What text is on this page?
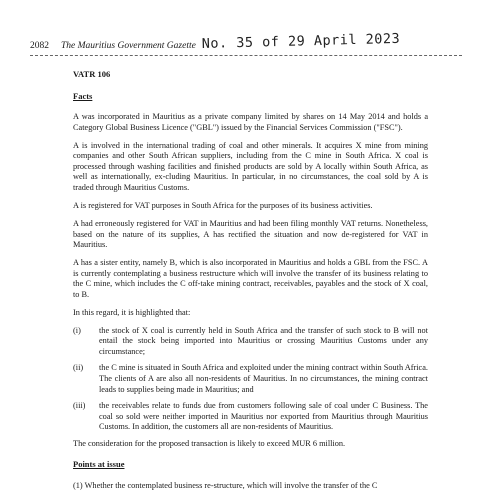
2082 The Mauritius Government Gazette No. 35 of 29 April 2023
VATR 106
Facts

A was incorporated in Mauritius as a private company limited by shares on 14 May 2014 and holds a Category Global Business Licence ("GBL") issued by the Financial Services Commission ("FSC").

A is involved in the international trading of coal and other minerals. It acquires X mine from mining companies and other South African suppliers, including from the C mine in South Africa. X coal is processed through washing facilities and finished products are sold by A locally within South Africa, as well as internationally, ex-cluding Mauritius. In particular, in no circumstances, the coal sold by A is traded through Mauritius Customs.

A is registered for VAT purposes in South Africa for the purposes of its business activities.

A had erroneously registered for VAT in Mauritius and had been filing monthly VAT returns. Nonetheless, based on the nature of its supplies, A has rectified the situation and now de-registered for VAT in Mauritius.

A has a sister entity, namely B, which is also incorporated in Mauritius and holds a GBL from the FSC. A is currently contemplating a business restructure which will involve the transfer of its business relating to the C mine, which includes the C off-take mining contract, receivables, payables and the stock of X coal, to B.

In this regard, it is highlighted that:

(i)	the stock of X coal is currently held in South Africa and the transfer of such stock to B will not entail the stock being imported into Mauritius or crossing Mauritius Customs under any circumstance;
(ii)	the C mine is situated in South Africa and exploited under the mining contract within South Africa. The clients of A are also all non-residents of Mauritius. In no circumstances, the mining contract leads to supplies being made in Mauritius; and
(iii)	the receivables relate to funds due from customers following sale of coal under C Business. The coal so sold were neither imported in Mauritius nor exported from Mauritius through Mauritius Customs. In addition, the customers all are non-residents of Mauritius.

The consideration for the proposed transaction is likely to exceed MUR 6 million.

Points at issue

(1) Whether the contemplated business re-structure, which will involve the transfer of the C
